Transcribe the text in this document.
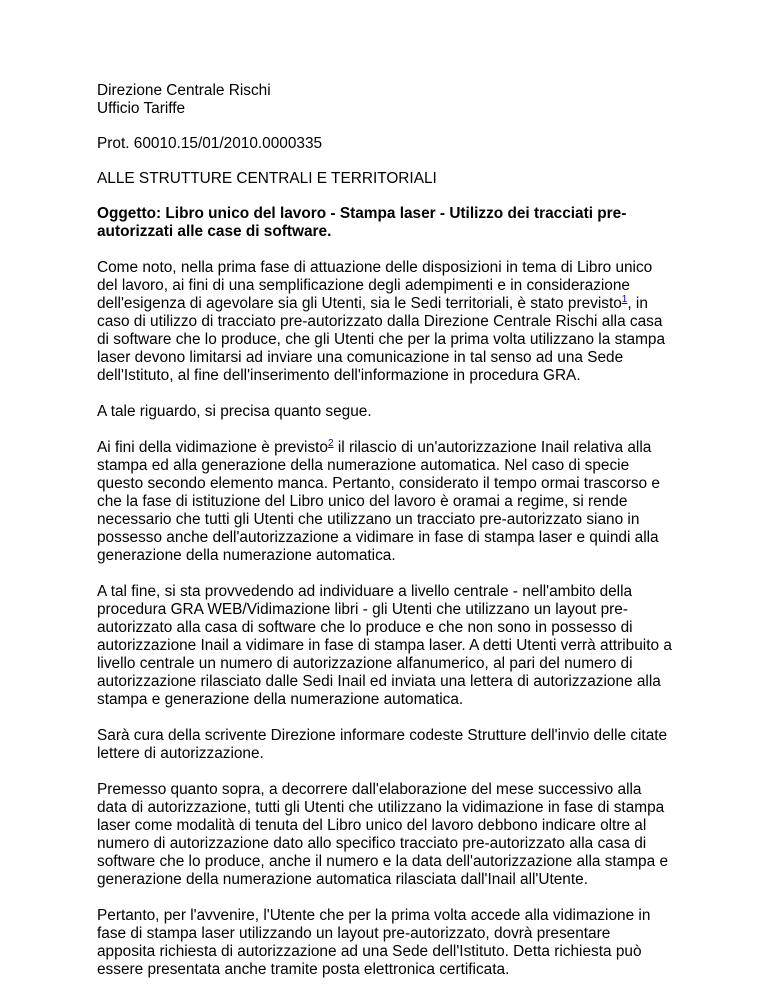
Direzione Centrale Rischi
Ufficio Tariffe

Prot. 60010.15/01/2010.0000335

ALLE STRUTTURE CENTRALI E TERRITORIALI

Oggetto: Libro unico del lavoro - Stampa laser - Utilizzo dei tracciati pre-autorizzati alle case di software.

Come noto, nella prima fase di attuazione delle disposizioni in tema di Libro unico del lavoro, ai fini di una semplificazione degli adempimenti e in considerazione dell'esigenza di agevolare sia gli Utenti, sia le Sedi territoriali, è stato previsto$^1$, in caso di utilizzo di tracciato pre-autorizzato dalla Direzione Centrale Rischi alla casa di software che lo produce, che gli Utenti che per la prima volta utilizzano la stampa laser devono limitarsi ad inviare una comunicazione in tal senso ad una Sede dell'Istituto, al fine dell'inserimento dell'informazione in procedura GRA.

A tale riguardo, si precisa quanto segue.

Ai fini della vidimazione è previsto$^2$ il rilascio di un'autorizzazione Inail relativa alla stampa ed alla generazione della numerazione automatica. Nel caso di specie questo secondo elemento manca. Pertanto, considerato il tempo ormai trascorso e che la fase di istituzione del Libro unico del lavoro è oramai a regime, si rende necessario che tutti gli Utenti che utilizzano un tracciato pre-autorizzato siano in possesso anche dell'autorizzazione a vidimare in fase di stampa laser e quindi alla generazione della numerazione automatica.

A tal fine, si sta provvedendo ad individuare a livello centrale - nell'ambito della procedura GRA WEB/Vidimazione libri - gli Utenti che utilizzano un layout pre-autorizzato alla casa di software che lo produce e che non sono in possesso di autorizzazione Inail a vidimare in fase di stampa laser. A detti Utenti verrà attribuito a livello centrale un numero di autorizzazione alfanumerico, al pari del numero di autorizzazione rilasciato dalle Sedi Inail ed inviata una lettera di autorizzazione alla stampa e generazione della numerazione automatica.

Sarà cura della scrivente Direzione informare codeste Strutture dell'invio delle citate lettere di autorizzazione.

Premesso quanto sopra, a decorrere dall'elaborazione del mese successivo alla data di autorizzazione, tutti gli Utenti che utilizzano la vidimazione in fase di stampa laser come modalità di tenuta del Libro unico del lavoro debbono indicare oltre al numero di autorizzazione dato allo specifico tracciato pre-autorizzato alla casa di software che lo produce, anche il numero e la data dell'autorizzazione alla stampa e generazione della numerazione automatica rilasciata dall'Inail all'Utente.

Pertanto, per l'avvenire, l'Utente che per la prima volta accede alla vidimazione in fase di stampa laser utilizzando un layout pre-autorizzato, dovrà presentare apposita richiesta di autorizzazione ad una Sede dell'Istituto. Detta richiesta può essere presentata anche tramite posta elettronica certificata.
